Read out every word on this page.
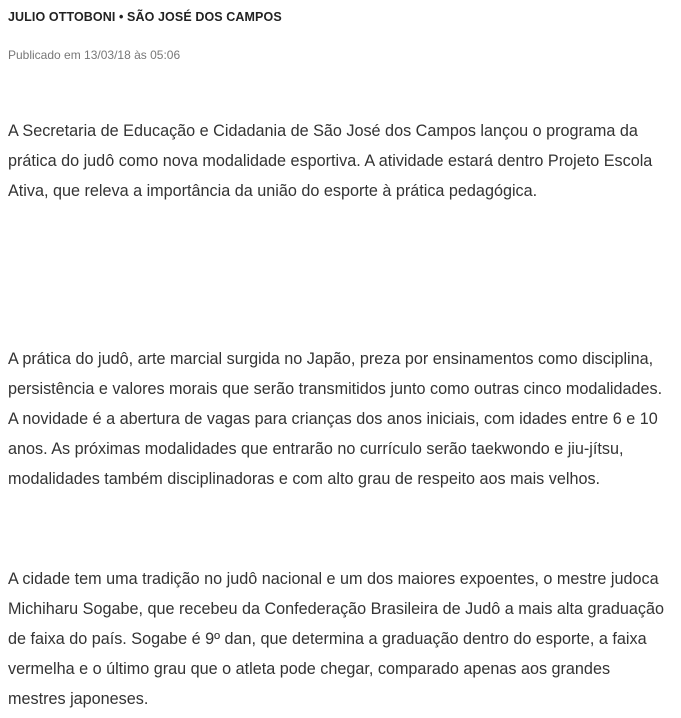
JULIO OTTOBONI • SÃO JOSÉ DOS CAMPOS
Publicado em 13/03/18 às 05:06

A Secretaria de Educação e Cidadania de São José dos Campos lançou o programa da prática do judô como nova modalidade esportiva. A atividade estará dentro Projeto Escola Ativa, que releva a importância da união do esporte à prática pedagógica.

A prática do judô, arte marcial surgida no Japão, preza por ensinamentos como disciplina, persistência e valores morais que serão transmitidos junto como outras cinco modalidades. A novidade é a abertura de vagas para crianças dos anos iniciais, com idades entre 6 e 10 anos. As próximas modalidades que entrarão no currículo serão taekwondo e jiu-jítsu, modalidades também disciplinadoras e com alto grau de respeito aos mais velhos.

A cidade tem uma tradição no judô nacional e um dos maiores expoentes, o mestre judoca Michiharu Sogabe, que recebeu da Confederação Brasileira de Judô a mais alta graduação de faixa do país. Sogabe é 9º dan, que determina a graduação dentro do esporte, a faixa vermelha e o último grau que o atleta pode chegar, comparado apenas aos grandes mestres japoneses.
